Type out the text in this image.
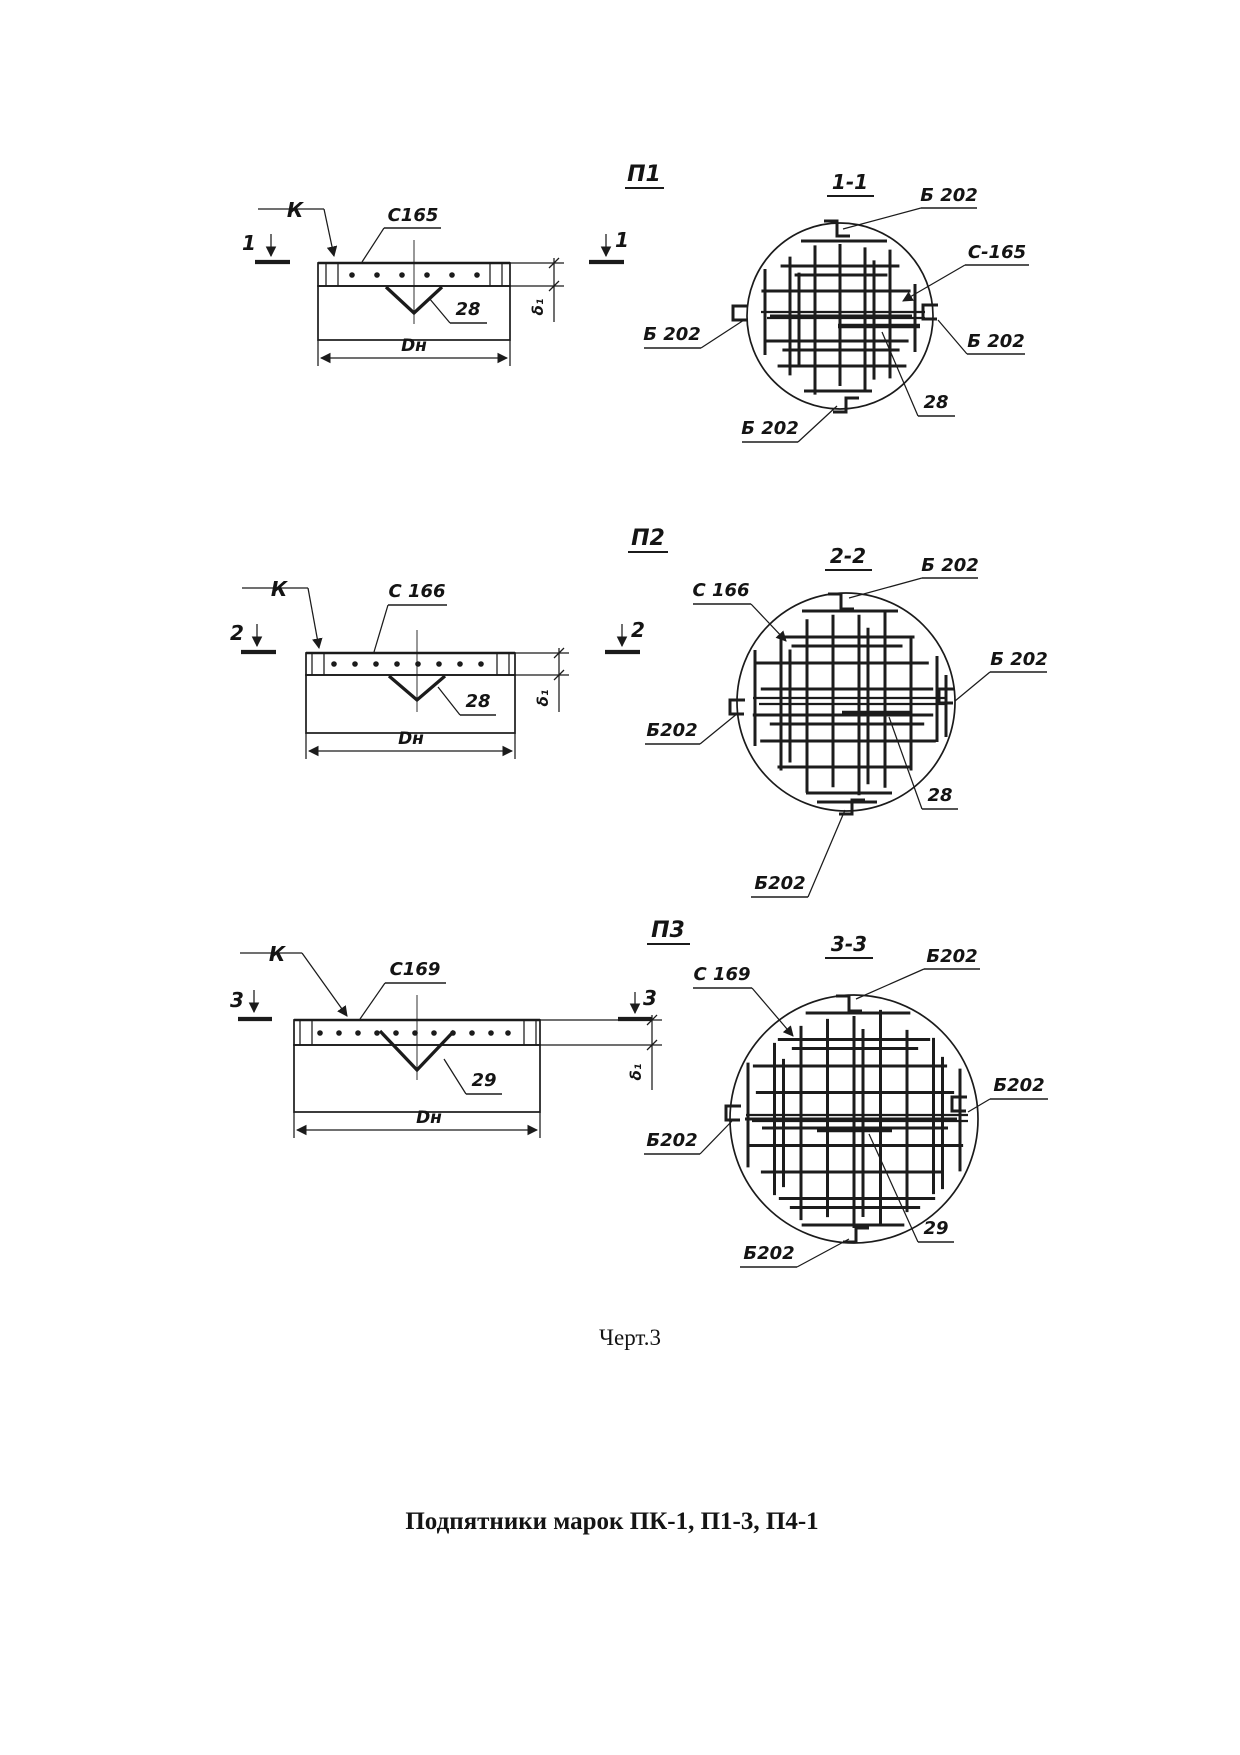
С165
28
Dн
δ₁
1	1
К
П1	1-1
Б 202
С-165
Б 202
Б 202
Б 202
28
С 166
28
Dн
δ₁
2	2
К
П2
2-2	Б 202
С 166
Б 202
Б202
Б202
28
С169
29
Dн
δ₁
3	3
К
П3
3-3
Б202
С 169
Б202
Б202
Б202
29
Черт.3
Подпятники марок ПК-1, П1-3, П4-1
